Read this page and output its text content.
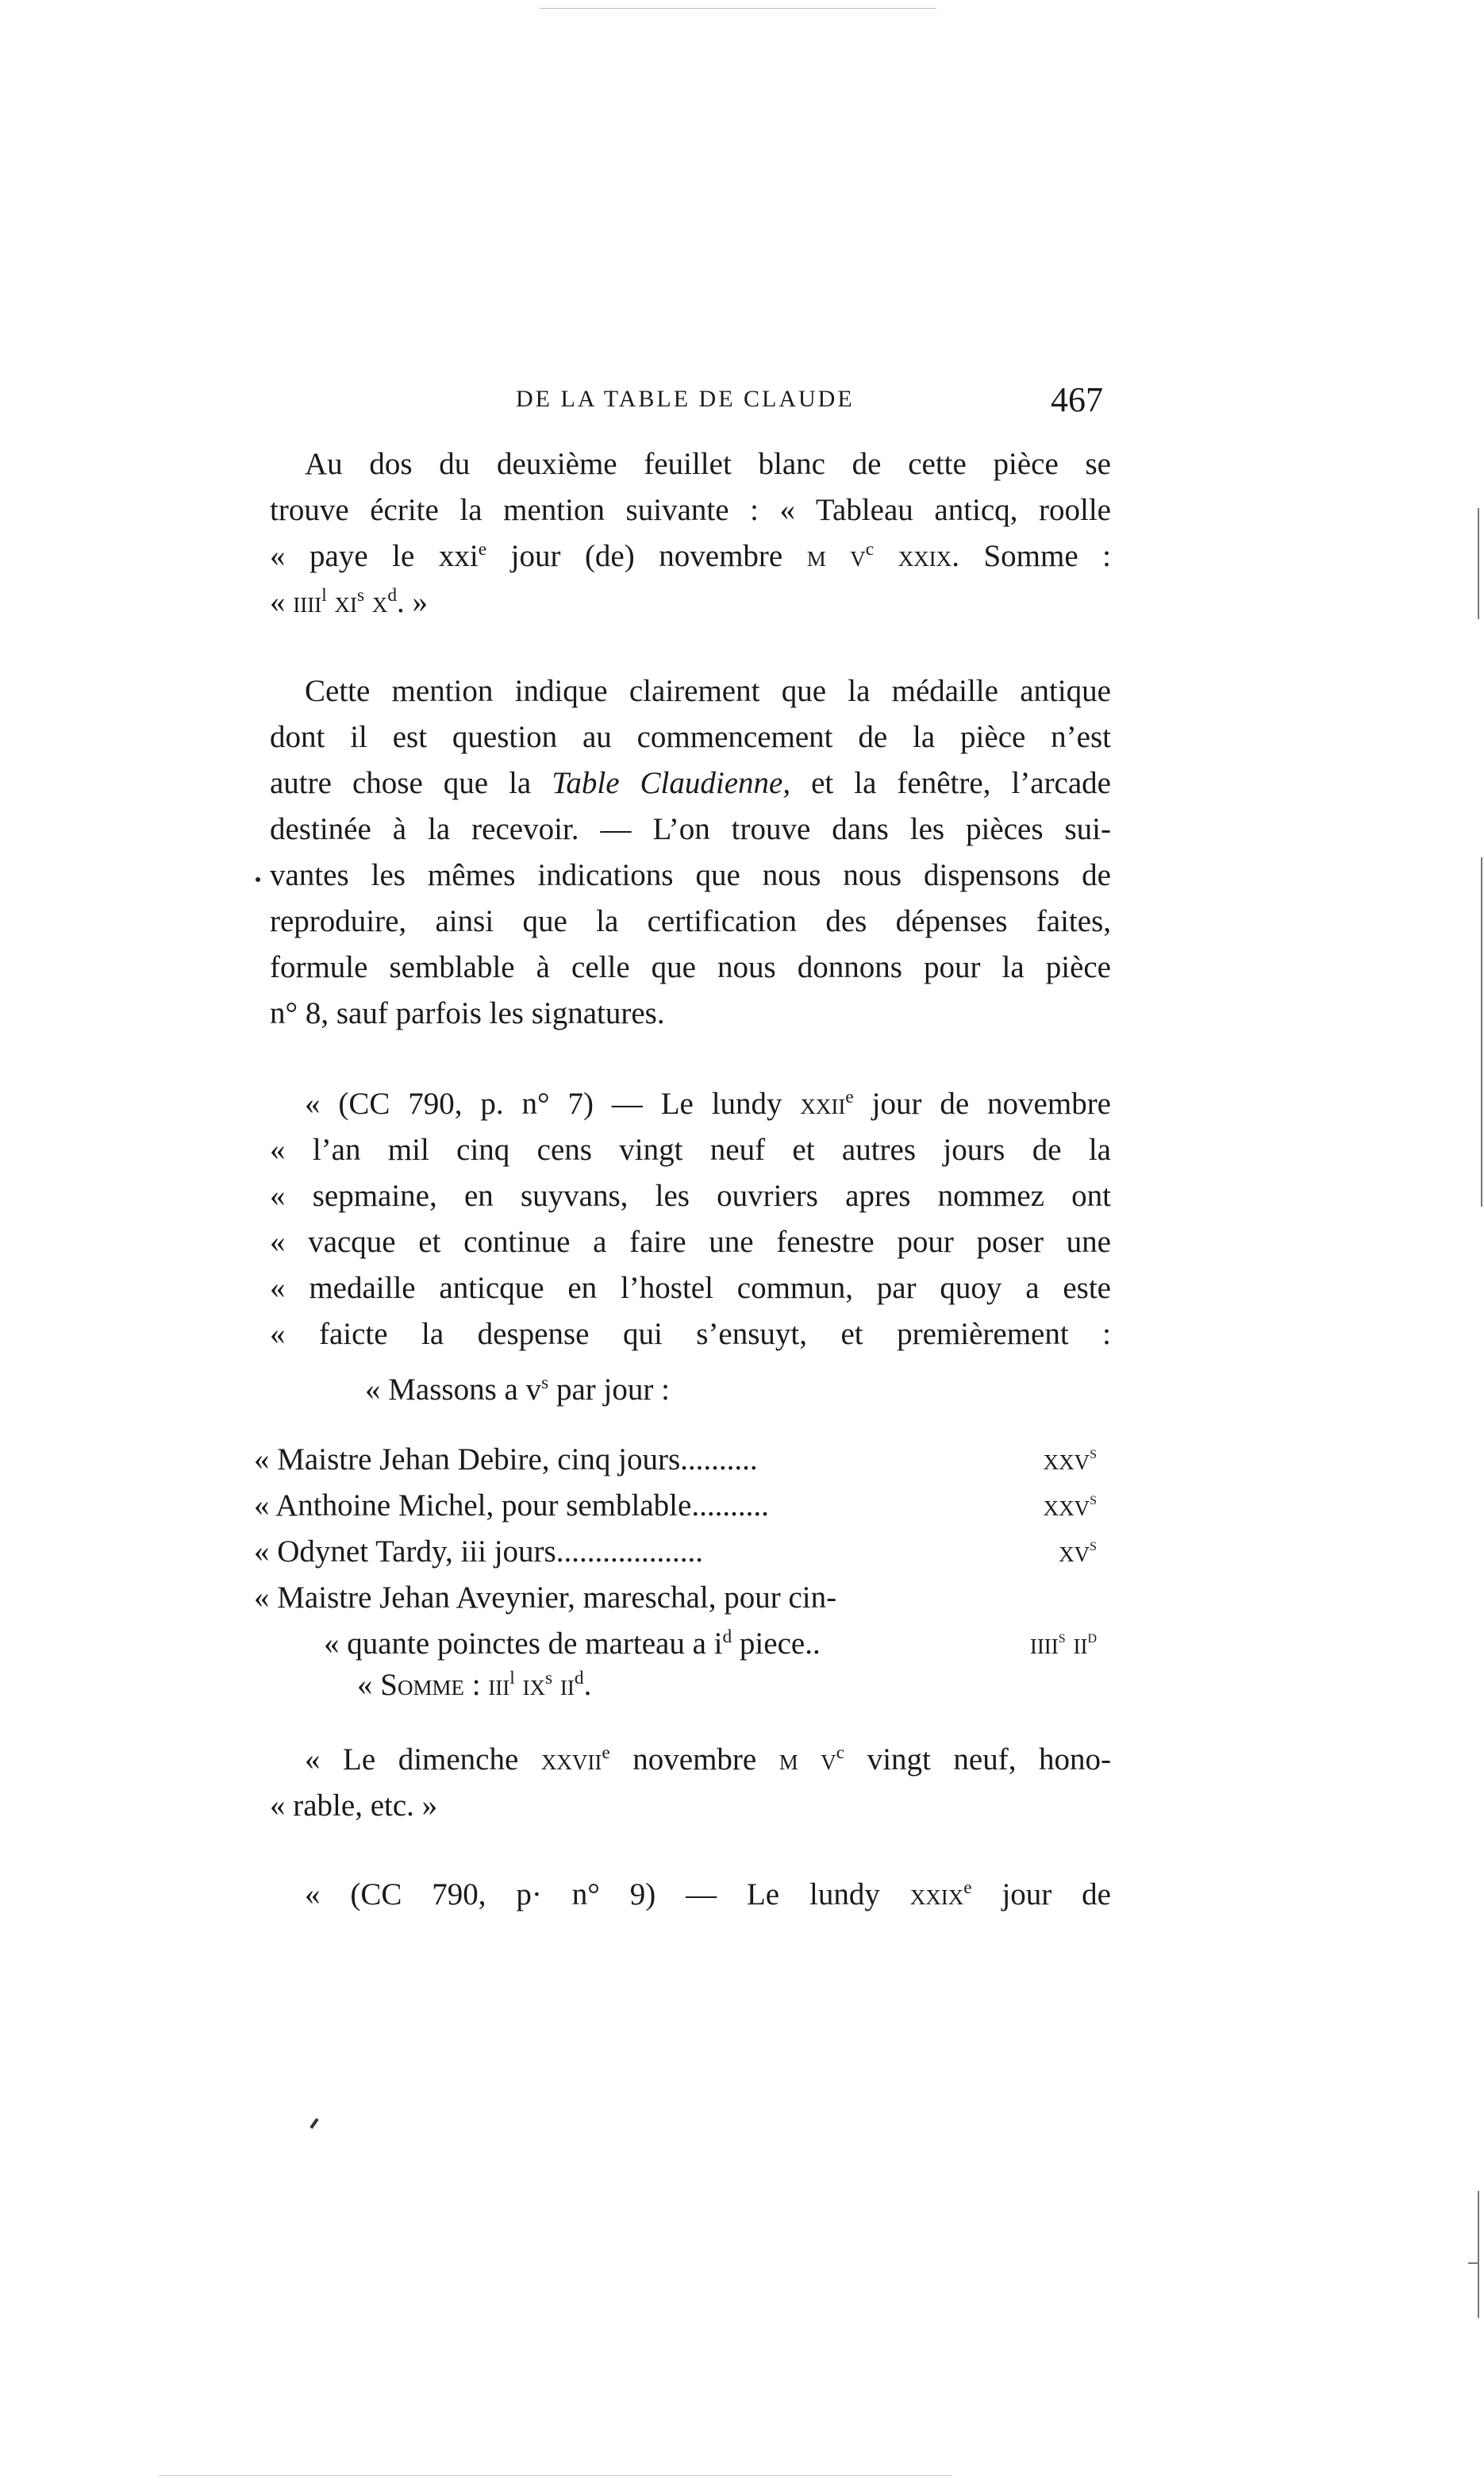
DE LA TABLE DE CLAUDE	467
Au dos du deuxième feuillet blanc de cette pièce se
trouve écrite la mention suivante : « Tableau anticq, roolle
« paye le xxi$^e$ jour (de) novembre m $v^c$ xxix. Somme :
« iiii$^l$ $xi^s$ $x^d$. »
Cette mention indique clairement que la médaille antique
dont il est question au commencement de la pièce n’est
autre chose que la Table Claudienne, et la fenêtre, l’arcade
destinée à la recevoir. — L’on trouve dans les pièces sui-
vantes les mêmes indications que nous nous dispensons de
reproduire, ainsi que la certification des dépenses faites,
formule semblable à celle que nous donnons pour la pièce
n° 8, sauf parfois les signatures.
« (CC 790, p. n° 7) — Le lundy xxii$^e$ jour de novembre
« l’an mil cinq cens vingt neuf et autres jours de la
« sepmaine, en suyvans, les ouvriers apres nommez ont
« vacque et continue a faire une fenestre pour poser une
« medaille anticque en l’hostel commun, par quoy a este
« faicte la despense qui s’ensuyt, et premièrement :
« Massons a $v^s$ par jour :
« Maistre Jehan Debire, cinq jours..........	xxv$^s$
« Anthoine Michel, pour semblable..........	xxv$^s$
« Odynet Tardy, iii jours...................	$xv^s$
« Maistre Jehan Aveynier, mareschal, pour cin-
« quante poinctes de marteau a $i^d$ piece..	iiii$^s$ $ii^d$
« Somme : iii$^l$ $ix^s$ $ii^d$.
« Le dimenche xxvii$^e$ novembre m $v^c$ vingt neuf, hono-
« rable, etc. »
« (CC 790, p· n° 9) — Le lundy xxix$^e$ jour de
